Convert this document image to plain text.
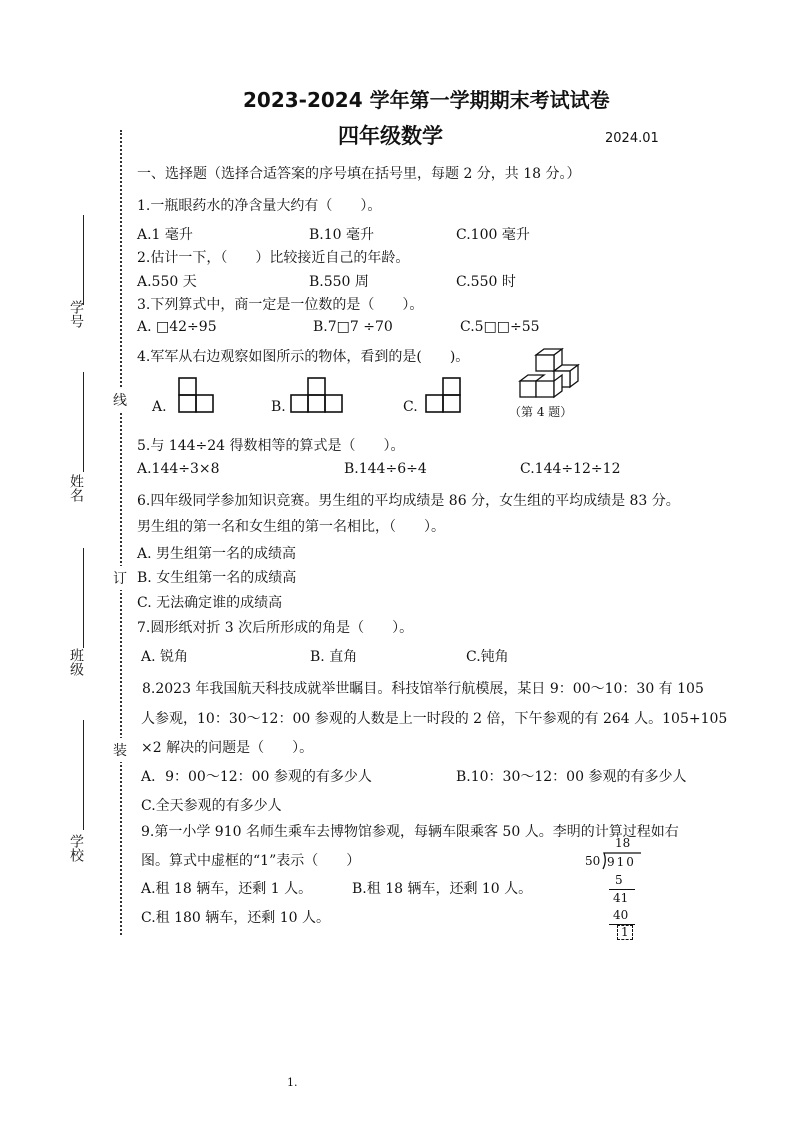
2023-2024 学年第一学期期末考试试卷
四年级数学	2024.01
线
订
装
学号
姓名
班级
学校
一、选择题（选择合适答案的序号填在括号里，每题 2 分，共 18 分。）
1.一瓶眼药水的净含量大约有（　　）。
A.1 毫升	B.10 毫升	C.100 毫升
2.估计一下，（　　）比较接近自己的年龄。
A.550 天	B.550 周	C.550 时
3.下列算式中，商一定是一位数的是（　　）。
A. □42÷95	B.7□7 ÷70	C.5□□÷55
4.军军从右边观察如图所示的物体，看到的是(　　)。
A.	B.	C.	（第 4 题）
5.与 144÷24 得数相等的算式是（　　）。
A.144÷3×8	B.144÷6÷4	C.144÷12÷12
6.四年级同学参加知识竞赛。男生组的平均成绩是 86 分，女生组的平均成绩是 83 分。
男生组的第一名和女生组的第一名相比，（　　）。
A. 男生组第一名的成绩高
B. 女生组第一名的成绩高
C. 无法确定谁的成绩高
7.圆形纸对折 3 次后所形成的角是（　　）。
A. 锐角	B. 直角	C.钝角
8.2023 年我国航天科技成就举世瞩目。科技馆举行航模展，某日 9：00～10：30 有 105
人参观，10：30～12：00 参观的人数是上一时段的 2 倍，下午参观的有 264 人。105+105
×2 解决的问题是（　　）。
A．9：00～12：00 参观的有多少人	B.10：30～12：00 参观的有多少人
C.全天参观的有多少人
9.第一小学 910 名师生乘车去博物馆参观，每辆车限乘客 50 人。李明的计算过程如右
图。算式中虚框的“1”表示（　　）
A.租 18 辆车，还剩 1 人。	B.租 18 辆车，还剩 10 人。
C.租 180 辆车，还剩 10 人。
18
50 910
5
41
40
1
1.
